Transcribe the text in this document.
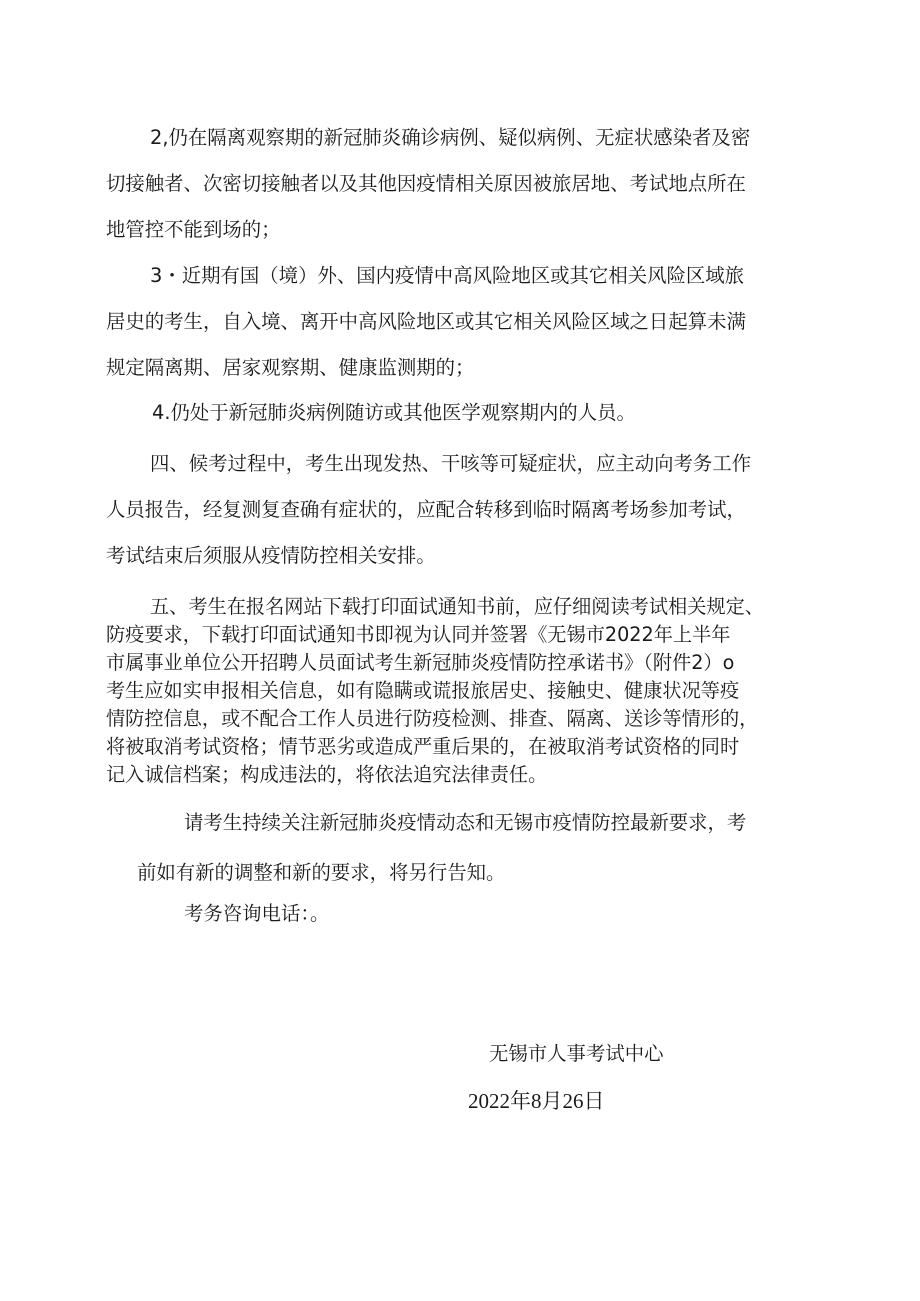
2,仍在隔离观察期的新冠肺炎确诊病例、疑似病例、无症状感染者及密
切接触者、次密切接触者以及其他因疫情相关原因被旅居地、考试地点所在
地管控不能到场的；
3・近期有国（境）外、国内疫情中高风险地区或其它相关风险区域旅
居史的考生，自入境、离开中高风险地区或其它相关风险区域之日起算未满
规定隔离期、居家观察期、健康监测期的；
4.仍处于新冠肺炎病例随访或其他医学观察期内的人员。
四、候考过程中，考生出现发热、干咳等可疑症状，应主动向考务工作
人员报告，经复测复查确有症状的，应配合转移到临时隔离考场参加考试，
考试结束后须服从疫情防控相关安排。
五、考生在报名网站下载打印面试通知书前，应仔细阅读考试相关规定、
防疫要求，下载打印面试通知书即视为认同并签署《无锡市2022年上半年
市属事业单位公开招聘人员面试考生新冠肺炎疫情防控承诺书》（附件2）o
考生应如实申报相关信息，如有隐瞒或谎报旅居史、接触史、健康状况等疫
情防控信息，或不配合工作人员进行防疫检测、排查、隔离、送诊等情形的，
将被取消考试资格；情节恶劣或造成严重后果的，在被取消考试资格的同时
记入诚信档案；构成违法的，将依法追究法律责任。
请考生持续关注新冠肺炎疫情动态和无锡市疫情防控最新要求，考
前如有新的调整和新的要求，将另行告知。
考务咨询电话：。
无锡市人事考试中心
2022年8月26日
